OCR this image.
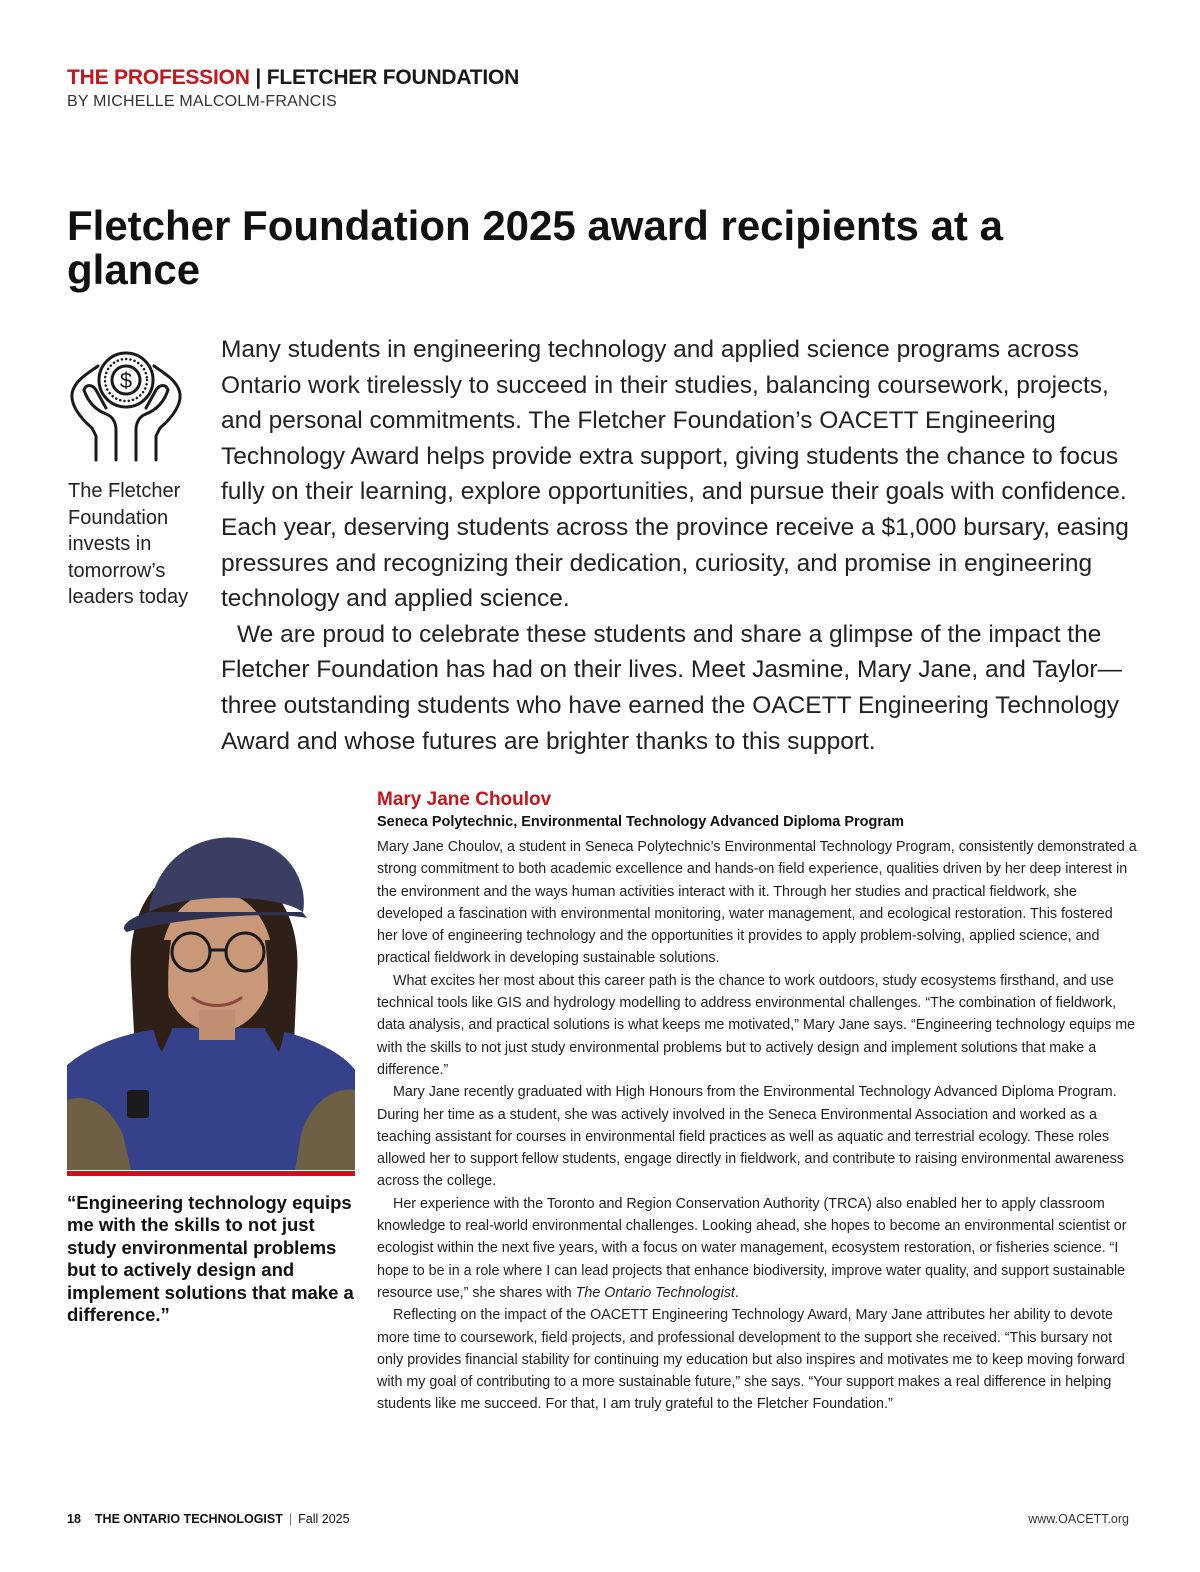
THE PROFESSION | FLETCHER FOUNDATION
BY MICHELLE MALCOLM-FRANCIS
Fletcher Foundation 2025 award recipients at a glance
$
The Fletcher Foundation invests in tomorrow’s leaders today

Many students in engineering technology and applied science programs across Ontario work tirelessly to succeed in their studies, balancing coursework, projects, and personal commitments. The Fletcher Foundation’s OACETT Engineering Technology Award helps provide extra support, giving students the chance to focus fully on their learning, explore opportunities, and pursue their goals with confidence. Each year, deserving students across the province receive a $1,000 bursary, easing pressures and recognizing their dedication, curiosity, and promise in engineering technology and applied science.

We are proud to celebrate these students and share a glimpse of the impact the Fletcher Foundation has had on their lives. Meet Jasmine, Mary Jane, and Taylor—three outstanding students who have earned the OACETT Engineering Technology Award and whose futures are brighter thanks to this support.

“Engineering technology equips me with the skills to not just study environmental problems but to actively design and implement solutions that make a difference.”
Mary Jane Choulov
Seneca Polytechnic, Environmental Technology Advanced Diploma Program

Mary Jane Choulov, a student in Seneca Polytechnic’s Environmental Technology Program, consistently demonstrated a strong commitment to both academic excellence and hands-on field experience, qualities driven by her deep interest in the environment and the ways human activities interact with it. Through her studies and practical fieldwork, she developed a fascination with environmental monitoring, water management, and ecological restoration. This fostered her love of engineering technology and the opportunities it provides to apply problem-solving, applied science, and practical fieldwork in developing sustainable solutions.

What excites her most about this career path is the chance to work outdoors, study ecosystems firsthand, and use technical tools like GIS and hydrology modelling to address environmental challenges. “The combination of fieldwork, data analysis, and practical solutions is what keeps me motivated,” Mary Jane says. “Engineering technology equips me with the skills to not just study environmental problems but to actively design and implement solutions that make a difference.”

Mary Jane recently graduated with High Honours from the Environmental Technology Advanced Diploma Program. During her time as a student, she was actively involved in the Seneca Environmental Association and worked as a teaching assistant for courses in environmental field practices as well as aquatic and terrestrial ecology. These roles allowed her to support fellow students, engage directly in fieldwork, and contribute to raising environmental awareness across the college.

Her experience with the Toronto and Region Conservation Authority (TRCA) also enabled her to apply classroom knowledge to real-world environmental challenges. Looking ahead, she hopes to become an environmental scientist or ecologist within the next five years, with a focus on water management, ecosystem restoration, or fisheries science. “I hope to be in a role where I can lead projects that enhance biodiversity, improve water quality, and support sustainable resource use,” she shares with The Ontario Technologist.

Reflecting on the impact of the OACETT Engineering Technology Award, Mary Jane attributes her ability to devote more time to coursework, field projects, and professional development to the support she received. “This bursary not only provides financial stability for continuing my education but also inspires and motivates me to keep moving forward with my goal of contributing to a more sustainable future,” she says. “Your support makes a real difference in helping students like me succeed. For that, I am truly grateful to the Fletcher Foundation.”

18 THE ONTARIO TECHNOLOGIST | Fall 2025	www.OACETT.org
